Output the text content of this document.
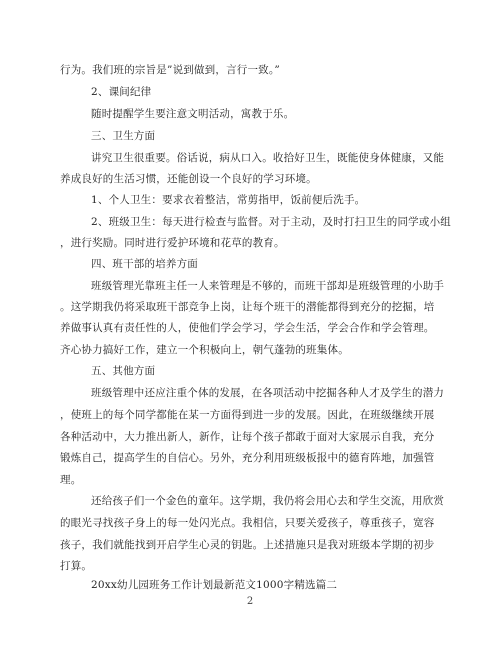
行为。我们班的宗旨是”说到做到，言行一致。”
2、课间纪律
随时提醒学生要注意文明活动，寓教于乐。
三、卫生方面
讲究卫生很重要。俗话说，病从口入。收拾好卫生，既能使身体健康，又能
养成良好的生活习惯，还能创设一个良好的学习环境。
1、个人卫生：要求衣着整洁，常剪指甲，饭前便后洗手。
2、班级卫生：每天进行检查与监督。对于主动，及时打扫卫生的同学或小组
，进行奖励。同时进行爱护环境和花草的教育。
四、班干部的培养方面
班级管理光靠班主任一人来管理是不够的，而班干部却是班级管理的小助手
。这学期我仍将采取班干部竞争上岗，让每个班干的潜能都得到充分的挖掘，培
养做事认真有责任性的人，使他们学会学习，学会生活，学会合作和学会管理。
齐心协力搞好工作，建立一个积极向上，朝气蓬勃的班集体。
五、其他方面
班级管理中还应注重个体的发展，在各项活动中挖掘各种人才及学生的潜力
，使班上的每个同学都能在某一方面得到进一步的发展。因此，在班级继续开展
各种活动中，大力推出新人，新作，让每个孩子都敢于面对大家展示自我，充分
锻炼自己，提高学生的自信心。另外，充分利用班级板报中的德育阵地，加强管
理。
还给孩子们一个金色的童年。这学期，我仍将会用心去和学生交流，用欣赏
的眼光寻找孩子身上的每一处闪光点。我相信，只要关爱孩子，尊重孩子，宽容
孩子，我们就能找到开启学生心灵的钥匙。上述措施只是我对班级本学期的初步
打算。
20xx幼儿园班务工作计划最新范文1000字精选篇二
2
